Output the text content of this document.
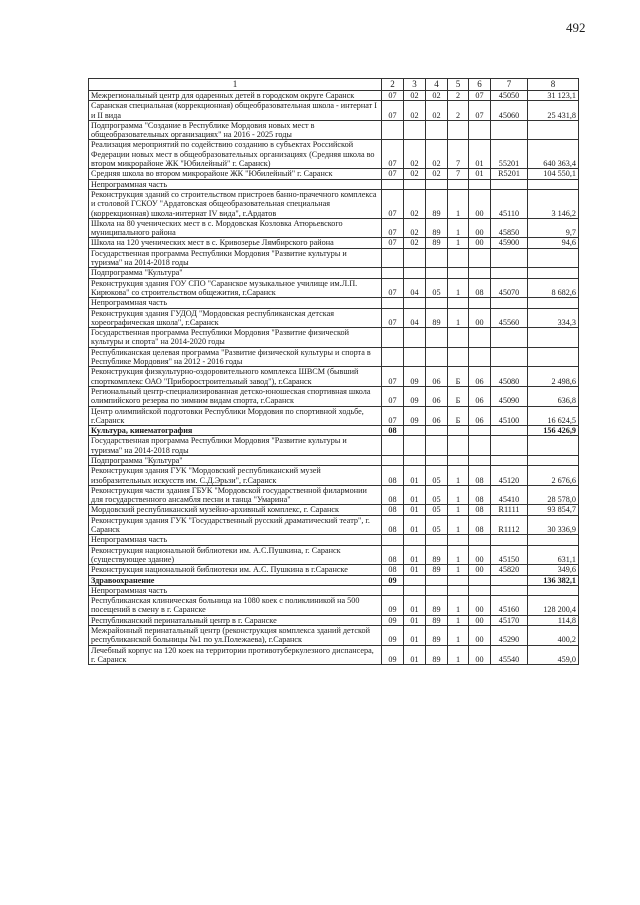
492
1	2	3	4	5	6	7	8
Межрегиональный центр для одаренных детей в городском округе Саранск	07	02	02	2	07	45050	31 123,1
Саранская специальная (коррекционная) общеобразовательная школа - интернат I и II вида	07	02	02	2	07	45060	25 431,8
Подпрограмма "Создание в Республике Мордовия новых мест в общеобразовательных организациях" на 2016 - 2025 годы							
Реализация мероприятий по содействию созданию в субъектах Российской Федерации новых мест в общеобразовательных организациях (Средняя школа во втором микрорайоне ЖК "Юбилейный" г. Саранск)	07	02	02	7	01	55201	640 363,4
Средняя школа во втором микрорайоне ЖК "Юбилейный" г. Саранск	07	02	02	7	01	R5201	104 550,1
Непрограммная часть							
Реконструкция зданий со строительством пристроев банно-прачечного комплекса и столовой ГСКОУ "Ардатовская общеобразовательная специальная (коррекционная) школа-интернат IV вида", г.Ардатов	07	02	89	1	00	45110	3 146,2
Школа на 80 ученических мест в с. Мордовская Козловка Атюрьевского муниципального района	07	02	89	1	00	45850	9,7
Школа на 120 ученических мест в с. Кривозерье Лямбирского района	07	02	89	1	00	45900	94,6
Государственная программа Республики Мордовия "Развитие культуры и туризма" на 2014-2018 годы							
Подпрограмма "Культура"							
Реконструкция здания ГОУ СПО "Саранское музыкальное училище им.Л.П. Кирюкова" со строительством общежития, г.Саранск	07	04	05	1	08	45070	8 682,6
Непрограммная часть							
Реконструкция здания ГУДОД "Мордовская республиканская детская хореографическая школа", г.Саранск	07	04	89	1	00	45560	334,3
Государственная программа Республики Мордовия "Развитие физической культуры и спорта" на 2014-2020 годы							
Республиканская целевая программа "Развитие физической культуры и спорта в Республике Мордовия" на 2012 - 2016 годы							
Реконструкция физкультурно-оздоровительного комплекса ШВСМ (бывший спорткомплекс ОАО "Приборостроительный завод"), г.Саранск	07	09	06	Б	06	45080	2 498,6
Региональный центр-специализированная детско-юношеская спортивная школа олимпийского резерва по зимним видам спорта, г.Саранск	07	09	06	Б	06	45090	636,8
Центр олимпийской подготовки Республики Мордовия по спортивной ходьбе, г.Саранск	07	09	06	Б	06	45100	16 624,5
Культура, кинематография	08						156 426,9
Государственная программа Республики Мордовия "Развитие культуры и туризма" на 2014-2018 годы							
Подпрограмма "Культура"							
Реконструкция здания ГУК "Мордовский республиканский музей изобразительных искусств им. С.Д.Эрьзи", г.Саранск	08	01	05	1	08	45120	2 676,6
Реконструкция части здания ГБУК "Мордовской государственной филармонии для государственного ансамбля песни и танца "Умарина"	08	01	05	1	08	45410	28 578,0
Мордовский республиканский музейно-архивный комплекс, г. Саранск	08	01	05	1	08	R1111	93 854,7
Реконструкция здания ГУК "Государственный русский драматический театр", г. Саранск	08	01	05	1	08	R1112	30 336,9
Непрограммная часть							
Реконструкция национальной библиотеки им. А.С.Пушкина, г. Саранск (существующее здание)	08	01	89	1	00	45150	631,1
Реконструкция национальной библиотеки им. А.С. Пушкина в г.Саранске	08	01	89	1	00	45820	349,6
Здравоохранение	09						136 382,1
Непрограммная часть							
Республиканская клиническая больница на 1080 коек с поликлиникой на 500 посещений в смену в г. Саранске	09	01	89	1	00	45160	128 200,4
Республиканский перинатальный центр в г. Саранске	09	01	89	1	00	45170	114,8
Межрайонный перинатальный центр (реконструкция комплекса зданий детской республиканской больницы №1 по ул.Полежаева), г.Саранск	09	01	89	1	00	45290	400,2
Лечебный корпус на 120 коек на территории противотуберкулезного диспансера, г. Саранск	09	01	89	1	00	45540	459,0
